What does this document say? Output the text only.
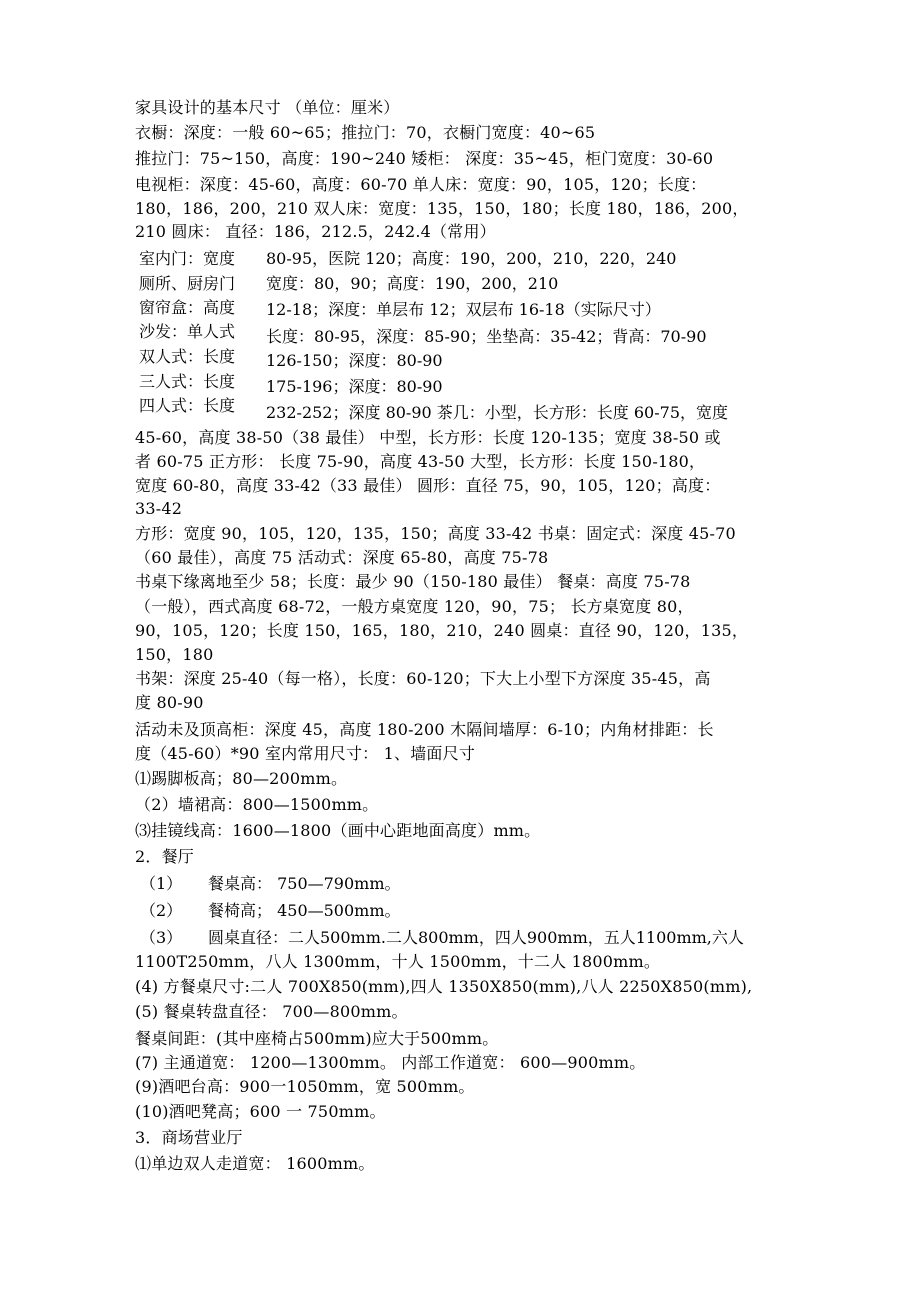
家具设计的基本尺寸 （单位：厘米）
衣橱：深度：一般 60~65；推拉门：70，衣橱门宽度：40~65
推拉门：75~150，高度：190~240 矮柜： 深度：35~45，柜门宽度：30-60
电视柜：深度：45-60，高度：60-70 单人床：宽度：90，105，120；长度：
180，186，200，210 双人床：宽度：135，150，180；长度 180，186，200，
210 圆床： 直径：186，212.5，242.4（常用）
室内门：宽度 80-95，医院 120；高度：190，200，210，220，240
厕所、厨房门 宽度：80，90；高度：190，200，210
窗帘盒：高度 12-18；深度：单层布 12；双层布 16-18（实际尺寸）
沙发：单人式 长度：80-95，深度：85-90；坐垫高：35-42；背高：70-90
双人式：长度 126-150；深度：80-90
三人式：长度 175-196；深度：80-90
四人式：长度 232-252；深度 80-90 茶几：小型，长方形：长度 60-75，宽度
45-60，高度 38-50（38 最佳） 中型，长方形：长度 120-135；宽度 38-50 或
者 60-75 正方形： 长度 75-90，高度 43-50 大型，长方形：长度 150-180，
宽度 60-80，高度 33-42（33 最佳） 圆形：直径 75，90，105，120；高度：
33-42
方形：宽度 90，105，120，135，150；高度 33-42 书桌：固定式：深度 45-70
（60 最佳），高度 75 活动式：深度 65-80，高度 75-78
书桌下缘离地至少 58；长度：最少 90（150-180 最佳） 餐桌：高度 75-78
（一般），西式高度 68-72，一般方桌宽度 120，90，75； 长方桌宽度 80，
90，105，120；长度 150，165，180，210，240 圆桌：直径 90，120，135，
150，180
书架：深度 25-40（每一格），长度：60-120；下大上小型下方深度 35-45，高
度 80-90
活动未及顶高柜：深度 45，高度 180-200 木隔间墙厚：6-10；内角材排距：长
度（45-60）*90 室内常用尺寸： 1、墙面尺寸
⑴踢脚板高；80—200mm。
（2）墙裙高：800—1500mm。
⑶挂镜线高：1600—1800（画中心距地面高度）mm。
2．餐厅
（1） 餐桌高： 750—790mm。
（2） 餐椅高； 450—500mm。
（3） 圆桌直径：二人500mm.二人800mm，四人900mm，五人1100mm,六人
1100T250mm，八人 1300mm，十人 1500mm，十二人 1800mm。
(4) 方餐桌尺寸:二人 700X850(mm),四人 1350X850(mm),八人 2250X850(mm),
(5) 餐桌转盘直径： 700—800mm。
餐桌间距：(其中座椅占500mm)应大于500mm。
(7) 主通道宽： 1200—1300mm。 内部工作道宽： 600—900mm。
(9)酒吧台高：900一1050mm，宽 500mm。
(10)酒吧凳高；600 一 750mm。
3．商场营业厅
⑴单边双人走道宽： 1600mm。
